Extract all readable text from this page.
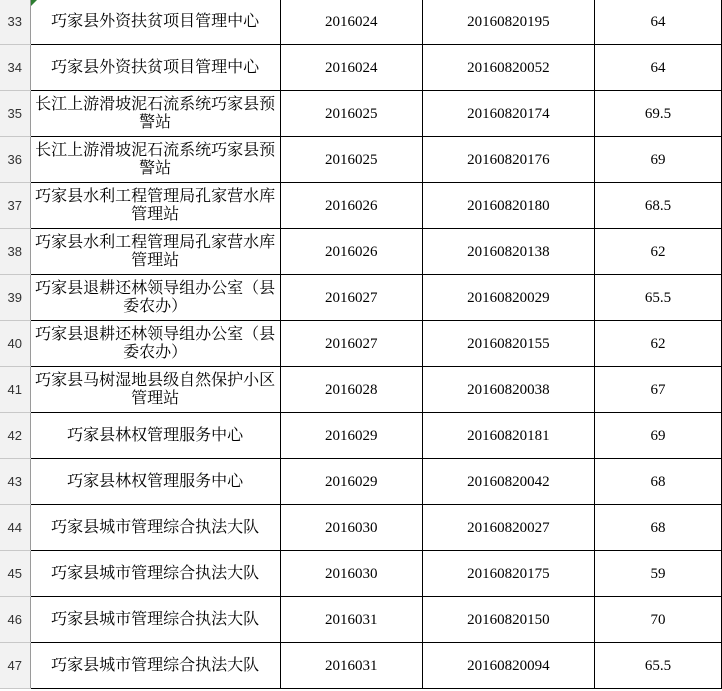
33	巧家县外资扶贫项目管理中心	2016024	20160820195	64
34	巧家县外资扶贫项目管理中心	2016024	20160820052	64
35	长江上游滑坡泥石流系统巧家县预警站	2016025	20160820174	69.5
36	长江上游滑坡泥石流系统巧家县预警站	2016025	20160820176	69
37	巧家县水利工程管理局孔家营水库管理站	2016026	20160820180	68.5
38	巧家县水利工程管理局孔家营水库管理站	2016026	20160820138	62
39	巧家县退耕还林领导组办公室（县委农办）	2016027	20160820029	65.5
40	巧家县退耕还林领导组办公室（县委农办）	2016027	20160820155	62
41	巧家县马树湿地县级自然保护小区管理站	2016028	20160820038	67
42	巧家县林权管理服务中心	2016029	20160820181	69
43	巧家县林权管理服务中心	2016029	20160820042	68
44	巧家县城市管理综合执法大队	2016030	20160820027	68
45	巧家县城市管理综合执法大队	2016030	20160820175	59
46	巧家县城市管理综合执法大队	2016031	20160820150	70
47	巧家县城市管理综合执法大队	2016031	20160820094	65.5
